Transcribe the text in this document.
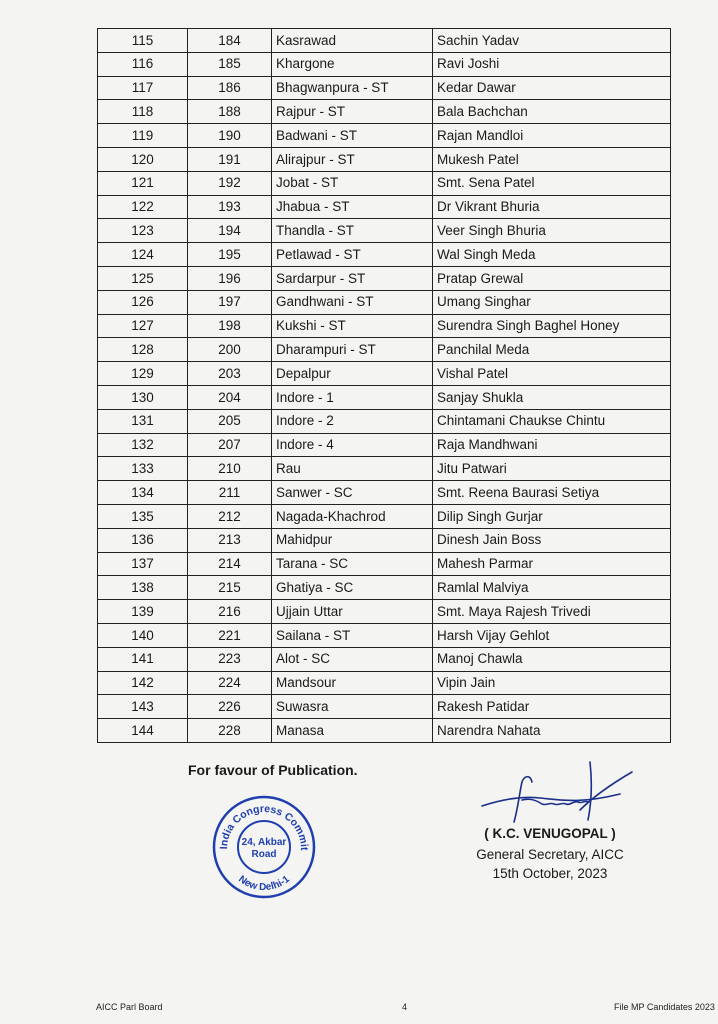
115	184	Kasrawad	Sachin Yadav
116	185	Khargone	Ravi Joshi
117	186	Bhagwanpura - ST	Kedar Dawar
118	188	Rajpur - ST	Bala Bachchan
119	190	Badwani - ST	Rajan Mandloi
120	191	Alirajpur - ST	Mukesh Patel
121	192	Jobat - ST	Smt. Sena Patel
122	193	Jhabua - ST	Dr Vikrant Bhuria
123	194	Thandla - ST	Veer Singh Bhuria
124	195	Petlawad - ST	Wal Singh Meda
125	196	Sardarpur - ST	Pratap Grewal
126	197	Gandhwani - ST	Umang Singhar
127	198	Kukshi - ST	Surendra Singh Baghel Honey
128	200	Dharampuri - ST	Panchilal Meda
129	203	Depalpur	Vishal Patel
130	204	Indore - 1	Sanjay Shukla
131	205	Indore - 2	Chintamani Chaukse Chintu
132	207	Indore - 4	Raja Mandhwani
133	210	Rau	Jitu Patwari
134	211	Sanwer - SC	Smt. Reena Baurasi Setiya
135	212	Nagada-Khachrod	Dilip Singh Gurjar
136	213	Mahidpur	Dinesh Jain Boss
137	214	Tarana - SC	Mahesh Parmar
138	215	Ghatiya - SC	Ramlal Malviya
139	216	Ujjain Uttar	Smt. Maya Rajesh Trivedi
140	221	Sailana - ST	Harsh Vijay Gehlot
141	223	Alot - SC	Manoj Chawla
142	224	Mandsour	Vipin Jain
143	226	Suwasra	Rakesh Patidar
144	228	Manasa	Narendra Nahata
For favour of Publication.
India Congress Commit
New Delhi-1
24, Akbar
Road
( K.C. VENUGOPAL )
General Secretary, AICC
15th October, 2023
AICC Parl Board	4	File MP Candidates 2023
